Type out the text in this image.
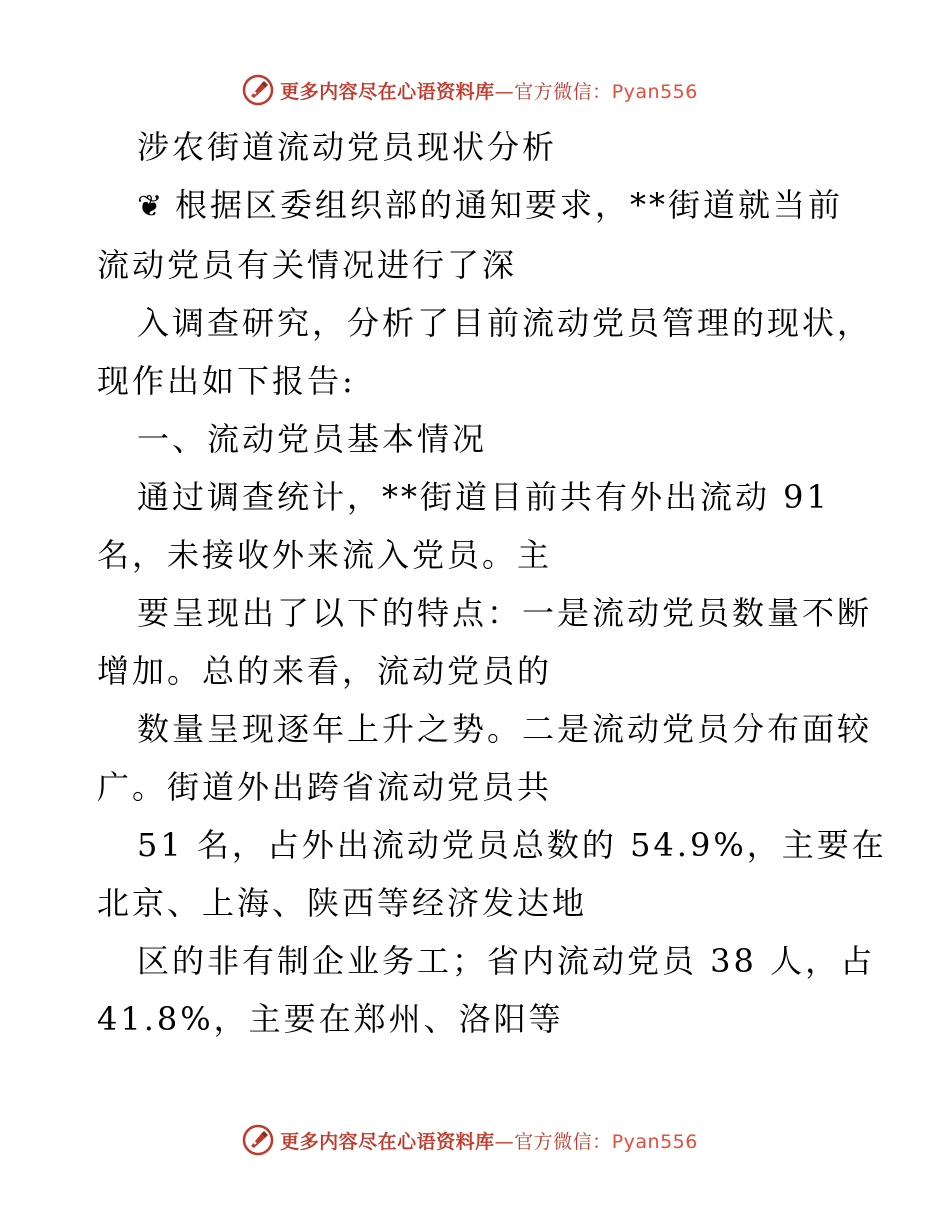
更多内容尽在心语资料库—官方微信：Pyan556

涉农街道流动党员现状分析

❦ 根据区委组织部的通知要求，**街道就当前

流动党员有关情况进行了深

入调查研究，分析了目前流动党员管理的现状，

现作出如下报告:

一、流动党员基本情况

通过调查统计，**街道目前共有外出流动 91

名，未接收外来流入党员。主

要呈现出了以下的特点：一是流动党员数量不断

增加。总的来看，流动党员的

数量呈现逐年上升之势。二是流动党员分布面较

广。街道外出跨省流动党员共

51 名，占外出流动党员总数的 54.9%，主要在

北京、上海、陕西等经济发达地

区的非有制企业务工；省内流动党员 38 人，占

41.8%，主要在郑州、洛阳等

更多内容尽在心语资料库—官方微信：Pyan556
